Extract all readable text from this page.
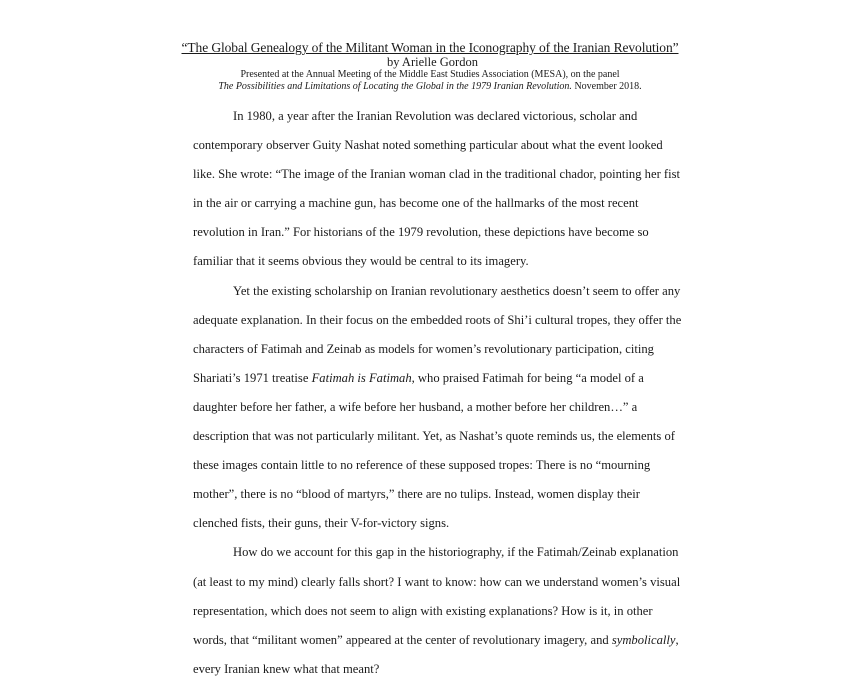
“The Global Genealogy of the Militant Woman in the Iconography of the Iranian Revolution”
by Arielle Gordon
Presented at the Annual Meeting of the Middle East Studies Association (MESA), on the panel
The Possibilities and Limitations of Locating the Global in the 1979 Iranian Revolution. November 2018.
In 1980, a year after the Iranian Revolution was declared victorious, scholar and
contemporary observer Guity Nashat noted something particular about what the event looked
like. She wrote: “The image of the Iranian woman clad in the traditional chador, pointing her fist
in the air or carrying a machine gun, has become one of the hallmarks of the most recent
revolution in Iran.” For historians of the 1979 revolution, these depictions have become so
familiar that it seems obvious they would be central to its imagery.
Yet the existing scholarship on Iranian revolutionary aesthetics doesn’t seem to offer any
adequate explanation. In their focus on the embedded roots of Shi’i cultural tropes, they offer the
characters of Fatimah and Zeinab as models for women’s revolutionary participation, citing
Shariati’s 1971 treatise Fatimah is Fatimah, who praised Fatimah for being “a model of a
daughter before her father, a wife before her husband, a mother before her children…” a
description that was not particularly militant. Yet, as Nashat’s quote reminds us, the elements of
these images contain little to no reference of these supposed tropes: There is no “mourning
mother”, there is no “blood of martyrs,” there are no tulips. Instead, women display their
clenched fists, their guns, their V-for-victory signs.
How do we account for this gap in the historiography, if the Fatimah/Zeinab explanation
(at least to my mind) clearly falls short? I want to know: how can we understand women’s visual
representation, which does not seem to align with existing explanations? How is it, in other
words, that “militant women” appeared at the center of revolutionary imagery, and symbolically,
every Iranian knew what that meant?
